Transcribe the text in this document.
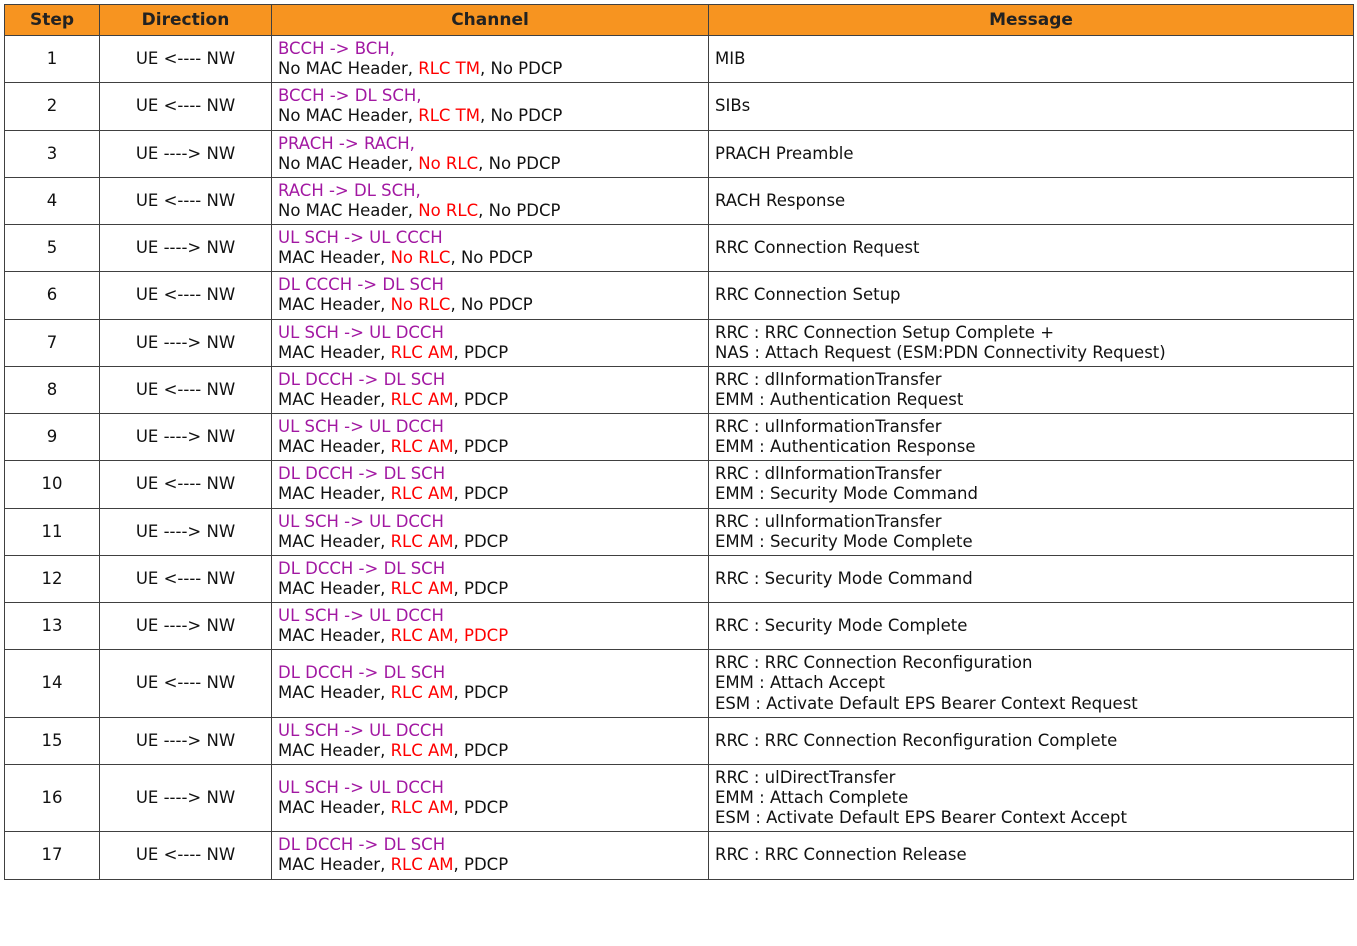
Step	Direction	Channel	Message
1	UE <---- NW	BCCH -> BCH,
No MAC Header, RLC TM, No PDCP	MIB

2	UE <---- NW	BCCH -> DL SCH,
No MAC Header, RLC TM, No PDCP	SIBs

3	UE ----> NW	PRACH -> RACH,
No MAC Header, No RLC, No PDCP	PRACH Preamble

4	UE <---- NW	RACH -> DL SCH,
No MAC Header, No RLC, No PDCP	RACH Response

5	UE ----> NW	UL SCH -> UL CCCH
MAC Header, No RLC, No PDCP	RRC Connection Request

6	UE <---- NW	DL CCCH -> DL SCH
MAC Header, No RLC, No PDCP	RRC Connection Setup

7	UE ----> NW	UL SCH -> UL DCCH
MAC Header, RLC AM, PDCP	RRC : RRC Connection Setup Complete +
NAS : Attach Request (ESM:PDN Connectivity Request)

8	UE <---- NW	DL DCCH -> DL SCH
MAC Header, RLC AM, PDCP	RRC : dlInformationTransfer
EMM : Authentication Request

9	UE ----> NW	UL SCH -> UL DCCH
MAC Header, RLC AM, PDCP	RRC : ulInformationTransfer
EMM : Authentication Response

10	UE <---- NW	DL DCCH -> DL SCH
MAC Header, RLC AM, PDCP	RRC : dlInformationTransfer
EMM : Security Mode Command

11	UE ----> NW	UL SCH -> UL DCCH
MAC Header, RLC AM, PDCP	RRC : ulInformationTransfer
EMM : Security Mode Complete

12	UE <---- NW	DL DCCH -> DL SCH
MAC Header, RLC AM, PDCP	RRC : Security Mode Command

13	UE ----> NW	UL SCH -> UL DCCH
MAC Header, RLC AM, PDCP	RRC : Security Mode Complete

14	UE <---- NW	DL DCCH -> DL SCH
MAC Header, RLC AM, PDCP	RRC : RRC Connection Reconfiguration
EMM : Attach Accept
ESM : Activate Default EPS Bearer Context Request

15	UE ----> NW	UL SCH -> UL DCCH
MAC Header, RLC AM, PDCP	RRC : RRC Connection Reconfiguration Complete

16	UE ----> NW	UL SCH -> UL DCCH
MAC Header, RLC AM, PDCP	RRC : ulDirectTransfer
EMM : Attach Complete
ESM : Activate Default EPS Bearer Context Accept

17	UE <---- NW	DL DCCH -> DL SCH
MAC Header, RLC AM, PDCP	RRC : RRC Connection Release
